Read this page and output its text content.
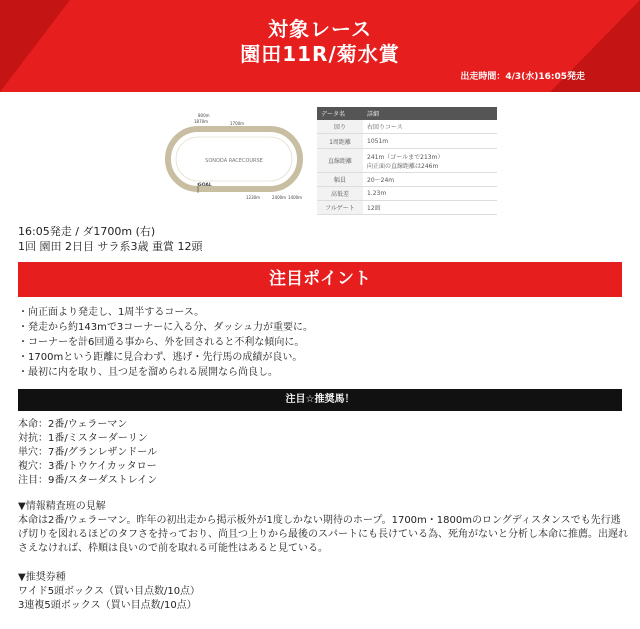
対象レース
園田11R/菊水賞
出走時間：4/3(水)16:05発走
SONODA RACECOURSE
800m
1870m	1700m
GOAL
1230m	2400m 1400m
データ名	詳細
回り	右回りコース
1周距離	1051m
直線距離	241m（ゴールまで213m）
向正面の直線距離は246m
幅員	20〜24m
高低差	1.23m
フルゲート	12頭
16:05発走 / ダ1700m (右)
1回 園田 2日目 サラ系3歳 重賞 12頭
注目ポイント
・向正面より発走し、1周半するコース。
・発走から約143mで3コーナーに入る分、ダッシュ力が重要に。
・コーナーを計6回通る事から、外を回されると不利な傾向に。
・1700mという距離に見合わず、逃げ・先行馬の成績が良い。
・最初に内を取り、且つ足を溜められる展開なら尚良し。
注目☆推奨馬！
本命：2番/ウェラーマン
対抗：1番/ミスターダーリン
単穴：7番/グランレザンドール
複穴：3番/トウケイカッタロー
注目：9番/スターダストレイン

▼情報精査班の見解

本命は2番/ウェラーマン。昨年の初出走から掲示板外が1度しかない期待のホープ。1700m・1800mのロングディスタンスでも先行逃げ切りを図れるほどのタフさを持っており、尚且つ上りから最後のスパートにも長けている為、死角がないと分析し本命に推薦。出遅れさえなければ、枠順は良いので前を取れる可能性はあると見ている。

▼推奨券種
ワイド5頭ボックス（買い目点数/10点）
3連複5頭ボックス（買い目点数/10点）
